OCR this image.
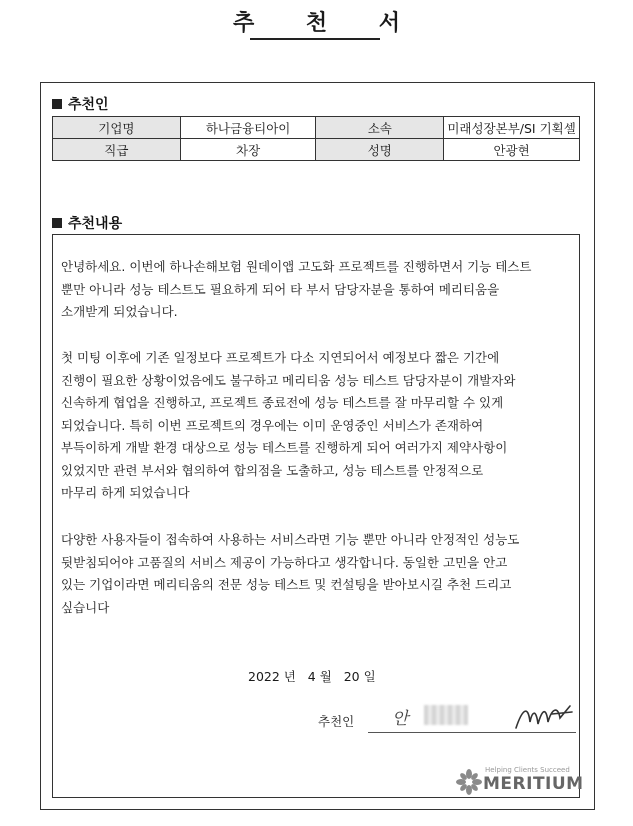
추 천 서
추천인
기업명	하나금융티아이	소속	미래성장본부/SI 기획셀
직급	차장	성명	안광현
추천내용

안녕하세요. 이번에 하나손해보험 원데이앱 고도화 프로젝트를 진행하면서 기능 테스트
뿐만 아니라 성능 테스트도 필요하게 되어 타 부서 담당자분을 통하여 메리티움을
소개받게 되었습니다.

첫 미팅 이후에 기존 일정보다 프로젝트가 다소 지연되어서 예정보다 짧은 기간에
진행이 필요한 상황이었음에도 불구하고 메리티움 성능 테스트 담당자분이 개발자와
신속하게 협업을 진행하고, 프로젝트 종료전에 성능 테스트를 잘 마무리할 수 있게
되었습니다. 특히 이번 프로젝트의 경우에는 이미 운영중인 서비스가 존재하여
부득이하게 개발 환경 대상으로 성능 테스트를 진행하게 되어 여러가지 제약사항이
있었지만 관련 부서와 협의하여 합의점을 도출하고, 성능 테스트를 안정적으로
마무리 하게 되었습니다

다양한 사용자들이 접속하여 사용하는 서비스라면 기능 뿐만 아니라 안정적인 성능도
뒷받침되어야 고품질의 서비스 제공이 가능하다고 생각합니다. 동일한 고민을 안고
있는 기업이라면 메리티움의 전문 성능 테스트 및 컨설팅을 받아보시길 추천 드리고
싶습니다

2022 년   4 월   20 일
추천인 안
Helping Clients Succeed
MERITIUM
